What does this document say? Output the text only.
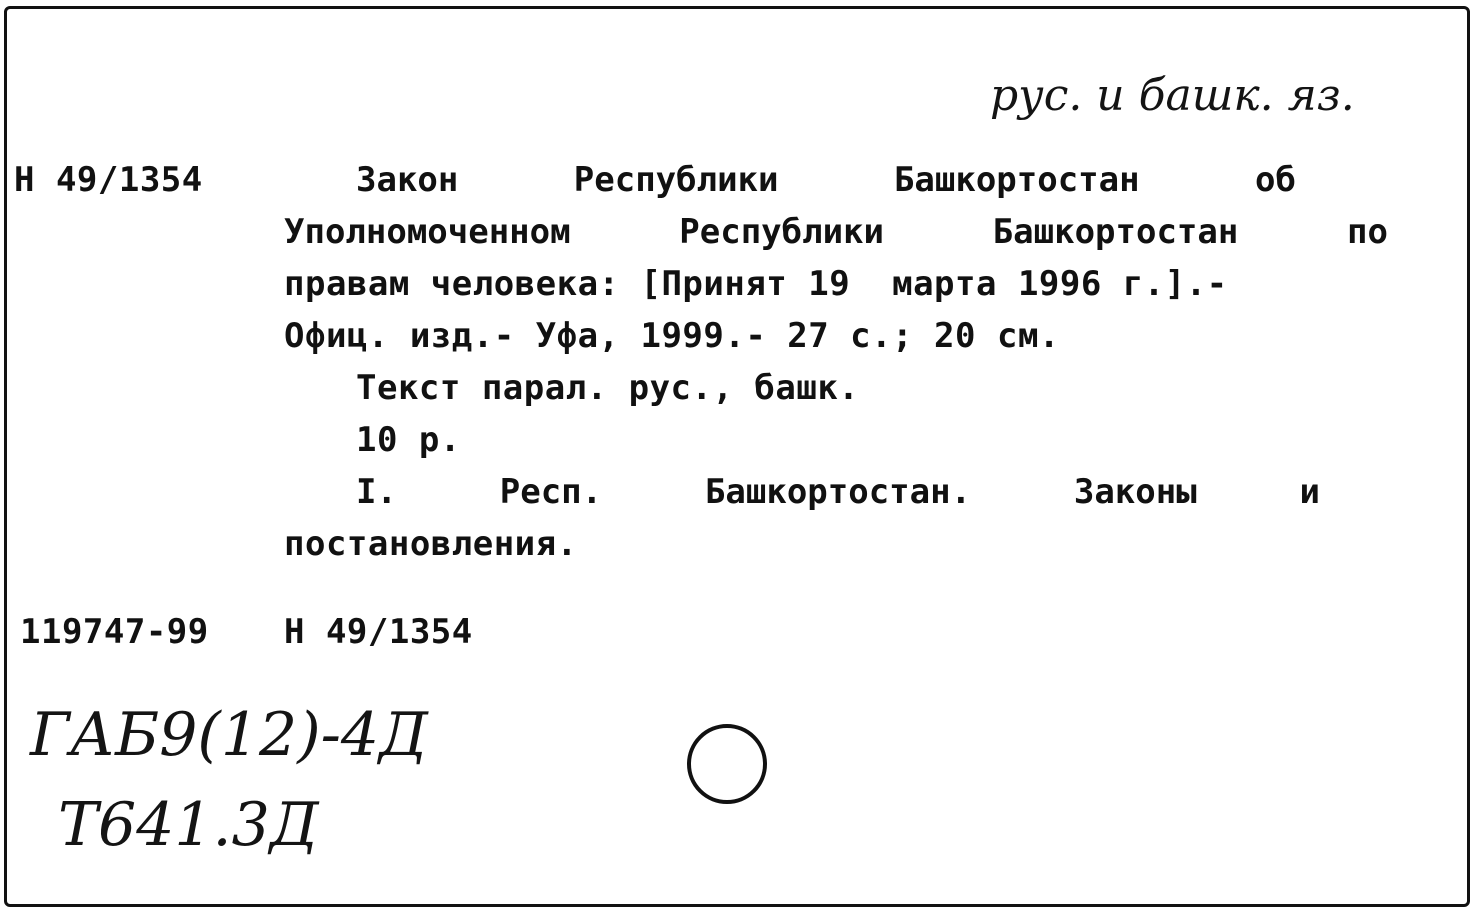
рус. и башк. яз.
Н 49/1354	Закон	Республики	Башкортостан	об
Уполномоченном	Республики	Башкортостан	по
правам человека: [Принят 19  марта 1996 г.].-
Офиц. изд.- Уфа, 1999.- 27 с.; 20 см.
Текст парал. рус., башк.
10 р.
I.	Респ.	Башкортостан.	Законы	и
постановления.
119747-99 Н 49/1354
ГАБ9(12)-4Д
Т641.3Д
